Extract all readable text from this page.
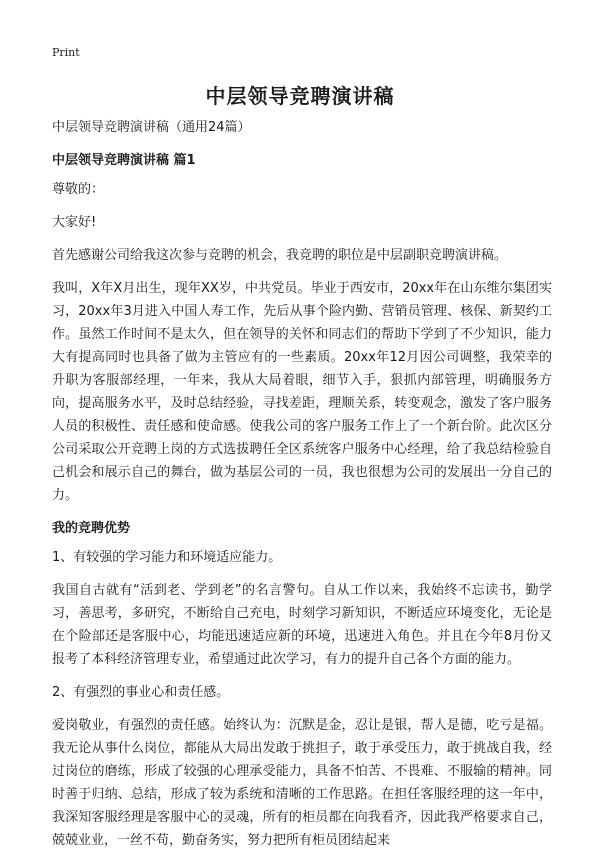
Print
中层领导竞聘演讲稿

中层领导竞聘演讲稿（通用24篇）

中层领导竞聘演讲稿 篇1

尊敬的：

大家好!

首先感谢公司给我这次参与竞聘的机会，我竞聘的职位是中层副职竞聘演讲稿。

我叫，X年X月出生，现年XX岁，中共党员。毕业于西安市，20xx年在山东维尔集团实习，20xx年3月进入中国人寿工作，先后从事个险内勤、营销员管理、核保、新契约工作。虽然工作时间不是太久，但在领导的关怀和同志们的帮助下学到了不少知识，能力大有提高同时也具备了做为主管应有的一些素质。20xx年12月因公司调整，我荣幸的升职为客服部经理，一年来，我从大局着眼，细节入手，狠抓内部管理，明确服务方向，提高服务水平，及时总结经验，寻找差距，理顺关系，转变观念，激发了客户服务人员的积极性、责任感和使命感。使我公司的客户服务工作上了一个新台阶。此次区分公司采取公开竞聘上岗的方式选拔聘任全区系统客户服务中心经理，给了我总结检验自己机会和展示自己的舞台，做为基层公司的一员，我也很想为公司的发展出一分自己的力。

我的竞聘优势

1、有较强的学习能力和环境适应能力。

我国自古就有“活到老、学到老”的名言警句。自从工作以来，我始终不忘读书，勤学习，善思考，多研究，不断给自己充电，时刻学习新知识，不断适应环境变化，无论是在个险部还是客服中心，均能迅速适应新的环境，迅速进入角色。并且在今年8月份又报考了本科经济管理专业，希望通过此次学习，有力的提升自己各个方面的能力。

2、有强烈的事业心和责任感。

爱岗敬业，有强烈的责任感。始终认为：沉默是金，忍让是银，帮人是德，吃亏是福。我无论从事什么岗位，都能从大局出发敢于挑担子，敢于承受压力，敢于挑战自我，经过岗位的磨练，形成了较强的心理承受能力，具备不怕苦、不畏难、不服输的精神。同时善于归纳、总结，形成了较为系统和清晰的工作思路。在担任客服经理的这一年中，我深知客服经理是客服中心的灵魂，所有的柜员都在向我看齐，因此我严格要求自己，兢兢业业，一丝不苟，勤奋务实，努力把所有柜员团结起来
